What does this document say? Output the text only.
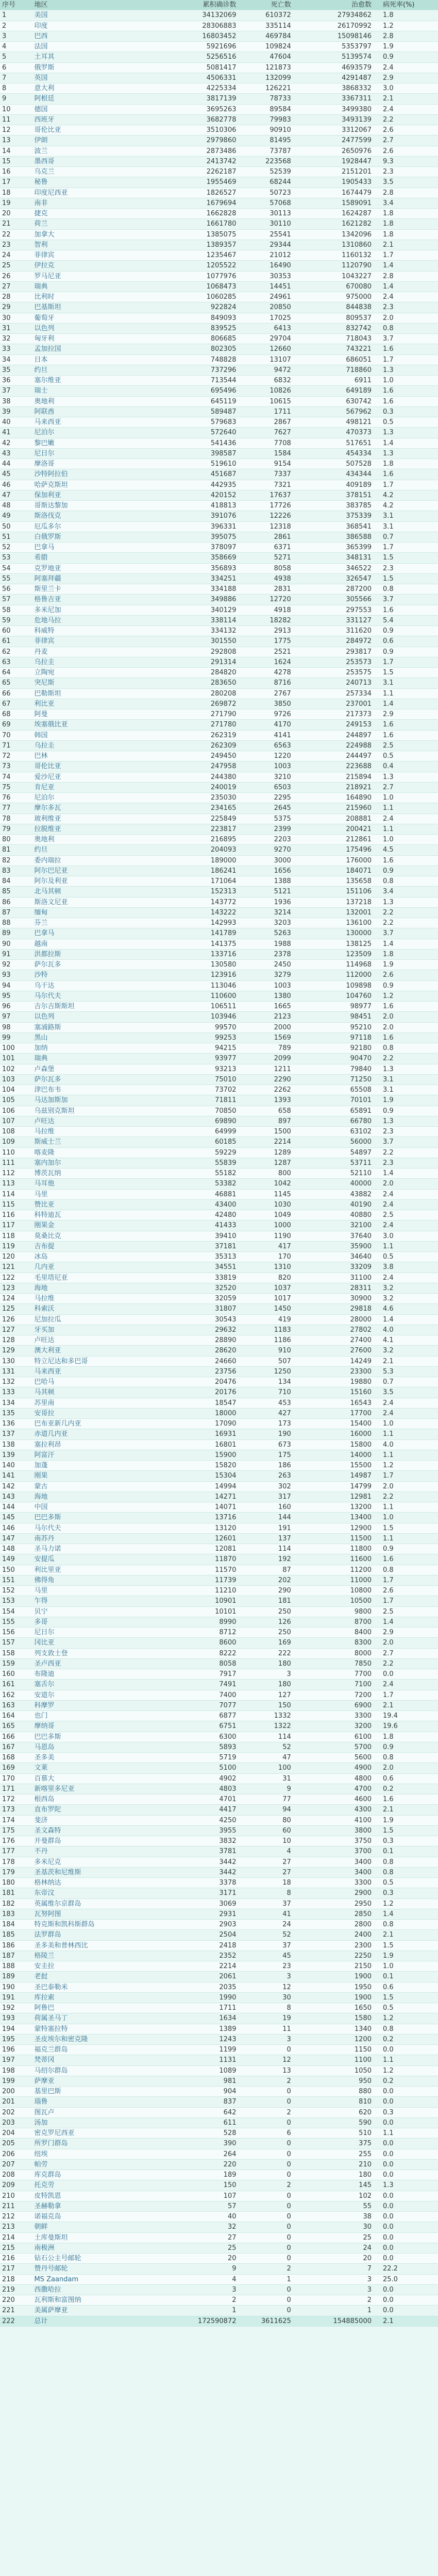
序号	地区	累积确诊数	死亡数	治愈数	病死率(%)
1	美国	34132069	610372	27934862	1.8
2	印度	28306883	335114	26170992	1.2
3	巴西	16803452	469784	15098146	2.8
4	法国	5921696	109824	5353797	1.9
5	土耳其	5256516	47604	5139574	0.9
6	俄罗斯	5081417	121873	4693579	2.4
7	英国	4506331	132099	4291487	2.9
8	意大利	4225334	126221	3868332	3.0
9	阿根廷	3817139	78733	3367311	2.1
10	德国	3695263	89584	3499380	2.4
11	西班牙	3682778	79983	3493139	2.2
12	哥伦比亚	3510306	90910	3312067	2.6
13	伊朗	2979860	81495	2477599	2.7
14	波兰	2873486	73787	2650976	2.6
15	墨西哥	2413742	223568	1928447	9.3
16	乌克兰	2262187	52539	2151201	2.3
17	秘鲁	1955469	68244	1905433	3.5
18	印度尼西亚	1826527	50723	1674479	2.8
19	南非	1679694	57068	1589091	3.4
20	捷克	1662828	30113	1624287	1.8
21	荷兰	1661780	30110	1621282	1.8
22	加拿大	1385075	25541	1342096	1.8
23	智利	1389357	29344	1310860	2.1
24	菲律宾	1235467	21012	1160132	1.7
25	伊拉克	1205522	16490	1120790	1.4
26	罗马尼亚	1077976	30353	1043227	2.8
27	瑞典	1068473	14451	670080	1.4
28	比利时	1060285	24961	975000	2.4
29	巴基斯坦	922824	20850	844838	2.3
30	葡萄牙	849093	17025	809537	2.0
31	以色列	839525	6413	832742	0.8
32	匈牙利	806685	29704	718043	3.7
33	孟加拉国	802305	12660	743221	1.6
34	日本	748828	13107	686051	1.7
35	约旦	737296	9472	718860	1.3
36	塞尔维亚	713544	6832	6911	1.0
37	瑞士	695496	10826	649189	1.6
38	奥地利	645119	10615	630742	1.6
39	阿联酋	589487	1711	567962	0.3
40	马来西亚	579683	2867	498121	0.5
41	尼泊尔	572640	7627	470373	1.3
42	黎巴嫩	541436	7708	517651	1.4
43	尼日尔	398587	1584	454334	1.3
44	摩洛哥	519610	9154	507528	1.8
45	沙特阿拉伯	451687	7337	434344	1.6
46	哈萨克斯坦	442935	7321	409189	1.7
47	保加利亚	420152	17637	378151	4.2
48	哥斯达黎加	418813	17726	383785	4.2
49	斯洛伐克	391076	12226	375339	3.1
50	厄瓜多尔	396331	12318	368541	3.1
51	白俄罗斯	395075	2861	386588	0.7
52	巴拿马	378097	6371	365399	1.7
53	希腊	358669	5271	348131	1.5
54	克罗地亚	356893	8058	346522	2.3
55	阿塞拜疆	334251	4938	326547	1.5
56	斯里兰卡	334188	2831	287200	0.8
57	格鲁吉亚	349886	12720	305566	3.7
58	多米尼加	340129	4918	297553	1.6
59	危地马拉	338114	18282	331127	5.4
60	科威特	334132	2913	311620	0.9
61	菲律宾	301550	1775	284972	0.6
62	丹麦	292808	2521	293817	0.9
63	乌拉圭	291314	1624	253573	1.7
64	立陶宛	284820	4278	253575	1.5
65	突尼斯	283650	8716	240713	3.1
66	巴勒斯坦	280208	2767	257334	1.1
67	利比亚	269872	3850	237001	1.4
68	阿曼	271790	9726	217373	2.9
69	埃塞俄比亚	271780	4170	249153	1.6
70	韩国	262319	4141	244897	1.6
71	乌拉圭	262309	6563	224988	2.5
72	巴林	249450	1220	244497	0.5
73	哥伦比亚	247958	1003	223688	0.4
74	爱沙尼亚	244380	3210	215894	1.3
75	肯尼亚	240019	6503	218921	2.7
76	尼泊尔	235030	2295	164890	1.0
77	摩尔多瓦	234165	2645	215960	1.1
78	玻利维亚	225849	5375	208881	2.4
79	拉脱维亚	223817	2399	200421	1.1
80	奥地利	216895	2203	212861	1.0
81	约旦	204093	9270	175496	4.5
82	委内瑞拉	189000	3000	176000	1.6
83	阿尔巴尼亚	186241	1656	184071	0.9
84	阿尔及利亚	171064	1388	135658	0.8
85	北马其顿	152313	5121	151106	3.4
86	斯洛文尼亚	143772	1936	137218	1.3
87	缅甸	143222	3214	132001	2.2
88	芬兰	142993	3203	136100	2.2
89	巴拿马	141789	5263	130000	3.7
90	越南	141375	1988	138125	1.4
91	洪都拉斯	133716	2378	123509	1.8
92	萨尔瓦多	130580	2450	114968	1.9
93	沙特	123916	3279	112000	2.6
94	乌干达	113046	1003	109898	0.9
95	马尔代夫	110600	1380	104760	1.2
96	吉尔吉斯斯坦	106511	1665	98977	1.6
97	以色列	103946	2123	98451	2.0
98	塞浦路斯	99570	2000	95210	2.0
99	黑山	99253	1569	97118	1.6
100	加纳	94215	789	92180	0.8
101	瑞典	93977	2099	90470	2.2
102	卢森堡	93213	1211	79840	1.3
103	萨尔瓦多	75010	2290	71250	3.1
104	津巴布韦	73702	2262	65508	3.1
105	马达加斯加	71811	1393	70101	1.9
106	乌兹别克斯坦	70850	658	65891	0.9
107	卢旺达	69890	897	66780	1.3
108	马拉维	64999	1500	63102	2.3
109	斯威士兰	60185	2214	56000	3.7
110	喀麦隆	59229	1289	54897	2.2
111	塞内加尔	55839	1287	53711	2.3
112	博茨瓦纳	55182	800	52110	1.4
113	马耳他	53382	1042	40000	2.0
114	马里	46881	1145	43882	2.4
115	赞比亚	43400	1030	40190	2.4
116	科特迪瓦	42480	1049	40880	2.5
117	刚果金	41433	1000	32100	2.4
118	莫桑比克	39410	1190	37640	3.0
119	吉布提	37181	417	35900	1.1
120	冰岛	35313	170	34640	0.5
121	几内亚	34551	1310	33209	3.8
122	毛里塔尼亚	33819	820	31100	2.4
123	海地	32520	1037	28311	3.2
124	马拉维	32059	1017	30900	3.2
125	科索沃	31807	1450	29818	4.6
126	尼加拉瓜	30543	419	28000	1.4
127	牙买加	29632	1183	27802	4.0
128	卢旺达	28890	1186	27400	4.1
129	澳大利亚	28620	910	27600	3.2
130	特立尼达和多巴哥	24660	507	14249	2.1
131	马来西亚	23756	1250	23300	5.3
132	巴哈马	20476	134	19880	0.7
133	马其顿	20176	710	15160	3.5
134	苏里南	18547	453	16543	2.4
135	安哥拉	18000	427	17700	2.4
136	巴布亚新几内亚	17090	173	15400	1.0
137	赤道几内亚	16931	190	16000	1.1
138	塞拉利昂	16801	673	15800	4.0
139	阿富汗	15900	175	14000	1.1
140	加蓬	15820	186	15500	1.2
141	刚果	15304	263	14987	1.7
142	蒙古	14994	302	14799	2.0
143	海地	14271	317	12981	2.2
144	中国	14071	160	13200	1.1
145	巴巴多斯	13716	144	13400	1.0
146	马尔代夫	13120	191	12900	1.5
147	南苏丹	12601	137	11500	1.1
148	圣马力诺	12081	114	11800	0.9
149	安提瓜	11870	192	11600	1.6
150	利比里亚	11570	87	11200	0.8
151	佛得角	11739	202	11000	1.7
152	马里	11210	290	10800	2.6
153	乍得	10901	181	10500	1.7
154	贝宁	10101	250	9800	2.5
155	多哥	8990	126	8700	1.4
156	尼日尔	8712	250	8400	2.9
157	冈比亚	8600	169	8300	2.0
158	列支敦士登	8222	222	8000	2.7
159	圣卢西亚	8058	180	7850	2.2
160	布隆迪	7917	3	7700	0.0
161	塞舌尔	7491	180	7100	2.4
162	安道尔	7400	127	7200	1.7
163	科摩罗	7077	150	6900	2.1
164	也门	6877	1332	3300	19.4
165	摩纳哥	6751	1322	3200	19.6
166	巴巴多斯	6300	114	6100	1.8
167	马恩岛	5893	52	5700	0.9
168	圣多美	5719	47	5600	0.8
169	文莱	5100	100	4900	2.0
170	百慕大	4902	31	4800	0.6
171	新喀里多尼亚	4803	9	4700	0.2
172	根西岛	4701	77	4600	1.6
173	直布罗陀	4417	94	4300	2.1
174	斐济	4250	80	4100	1.9
175	圣文森特	3955	60	3800	1.5
176	开曼群岛	3832	10	3750	0.3
177	不丹	3781	4	3700	0.1
178	多米尼克	3442	27	3400	0.8
179	圣基茨和尼维斯	3442	27	3400	0.8
180	格林纳达	3378	18	3300	0.5
181	东帝汶	3171	8	2900	0.3
182	英属维尔京群岛	3069	37	2950	1.2
183	瓦努阿图	2931	41	2850	1.4
184	特克斯和凯科斯群岛	2903	24	2800	0.8
185	法罗群岛	2504	52	2400	2.1
186	圣多美和普林西比	2418	37	2300	1.5
187	格陵兰	2352	45	2250	1.9
188	安圭拉	2214	23	2150	1.0
189	老挝	2061	3	1900	0.1
190	圣巴泰勒米	2035	12	1950	0.6
191	库拉索	1990	30	1900	1.5
192	阿鲁巴	1711	8	1650	0.5
193	荷属圣马丁	1634	19	1580	1.2
194	蒙特塞拉特	1389	11	1340	0.8
195	圣皮埃尔和密克隆	1243	3	1200	0.2
196	福克兰群岛	1199	0	1150	0.0
197	梵蒂冈	1131	12	1100	1.1
198	马绍尔群岛	1089	13	1050	1.2
199	萨摩亚	981	2	950	0.2
200	基里巴斯	904	0	880	0.0
201	瑙鲁	837	0	810	0.0
202	图瓦卢	642	2	620	0.3
203	汤加	611	0	590	0.0
204	密克罗尼西亚	528	6	510	1.1
205	所罗门群岛	390	0	375	0.0
206	纽埃	264	0	255	0.0
207	帕劳	220	0	210	0.0
208	库克群岛	189	0	180	0.0
209	托克劳	150	2	145	1.3
210	皮特凯恩	107	0	102	0.0
211	圣赫勒拿	57	0	55	0.0
212	诺福克岛	40	0	38	0.0
213	朝鲜	32	0	30	0.0
214	土库曼斯坦	27	0	25	0.0
215	南极洲	25	0	24	0.0
216	钻石公主号邮轮	20	0	20	0.0
217	赞丹号邮轮	9	2	7	22.2
218	MS Zaandam	4	1	3	25.0
219	西撒哈拉	3	0	3	0.0
220	瓦利斯和富图纳	2	0	2	0.0
221	美属萨摩亚	1	0	1	0.0
222	总计	172590872	3611625	154885000	2.1
